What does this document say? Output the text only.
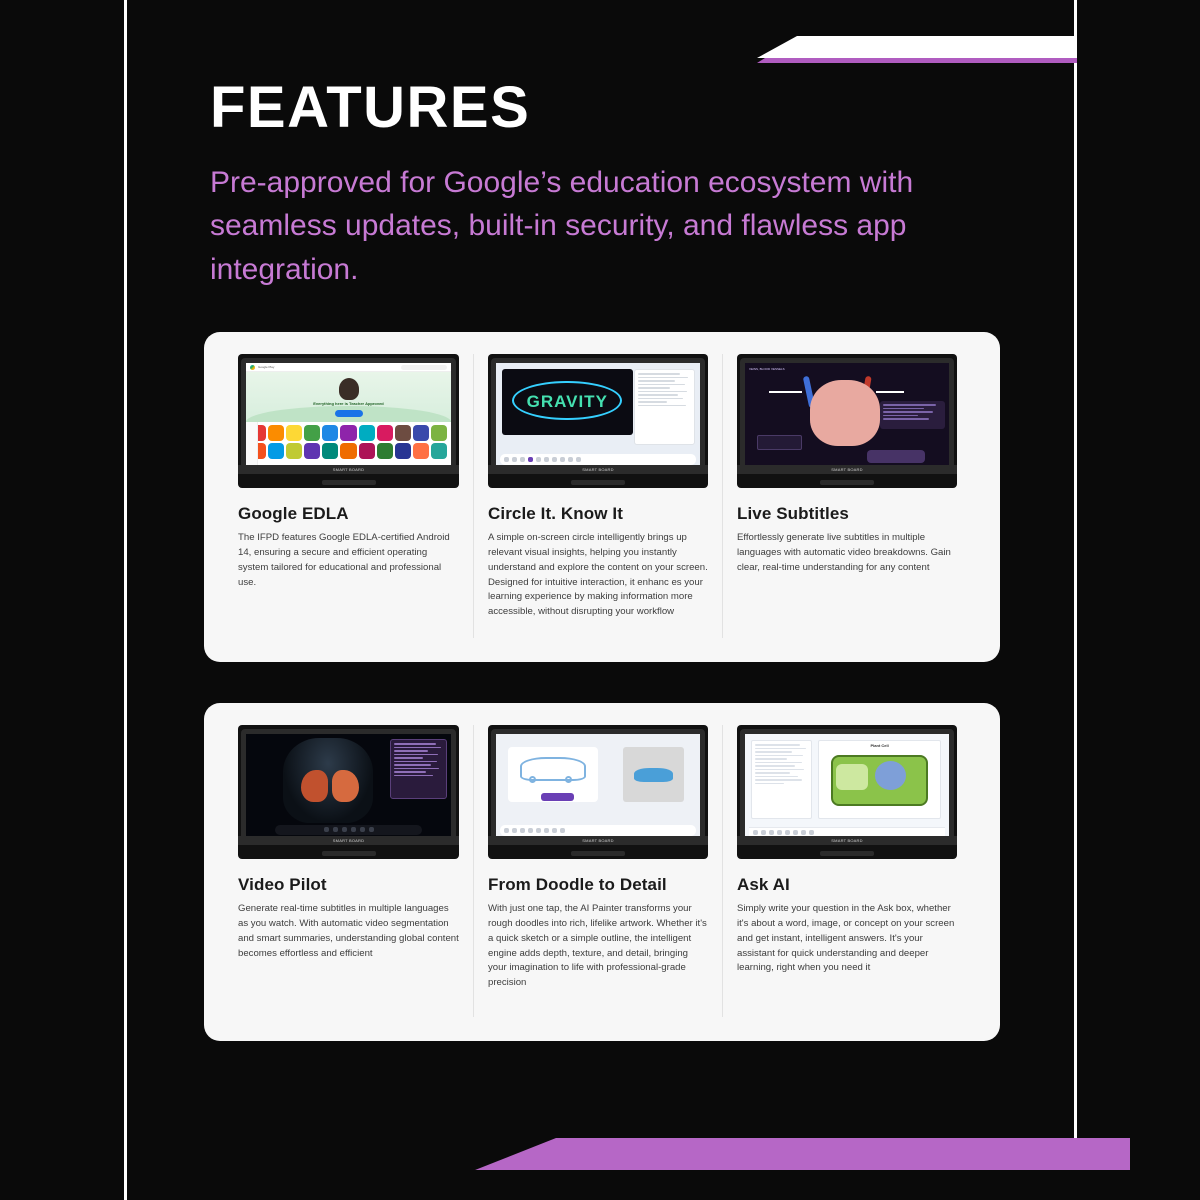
FEATURES
Pre-approved for Google’s education ecosystem with seamless updates, built-in security, and flawless app integration.
Google Play
Everything here is Teacher Approved
SMART BOARD
Google EDLA
The IFPD features Google EDLA-certified Android 14, ensuring a secure and efficient operating system tailored for educational and professional use.
GRAVITY
SMART BOARD
Circle It. Know It
A simple on-screen circle intelligently brings up relevant visual insights, helping you instantly understand and explore the content on your screen. Designed for intuitive interaction, it enhanc es your learning experience by making information more accessible, without disrupting your workflow
VEINS, BLOOD VESSELS
SMART BOARD
Live Subtitles
Effortlessly generate live subtitles in multiple languages with automatic video breakdowns. Gain clear, real-time understanding for any content
SMART BOARD
Video Pilot
Generate real-time subtitles in multiple languages as you watch. With automatic video segmentation and smart summaries, understanding global content becomes effortless and efficient
SMART BOARD
From Doodle to Detail
With just one tap, the AI Painter transforms your rough doodles into rich, lifelike artwork. Whether it's a quick sketch or a simple outline, the intelligent engine adds depth, texture, and detail, bringing your imagination to life with professional-grade precision
Plant Cell
SMART BOARD
Ask AI
Simply write your question in the Ask box, whether it's about a word, image, or concept on your screen and get instant, intelligent answers. It's your assistant for quick understanding and deeper learning, right when you need it
